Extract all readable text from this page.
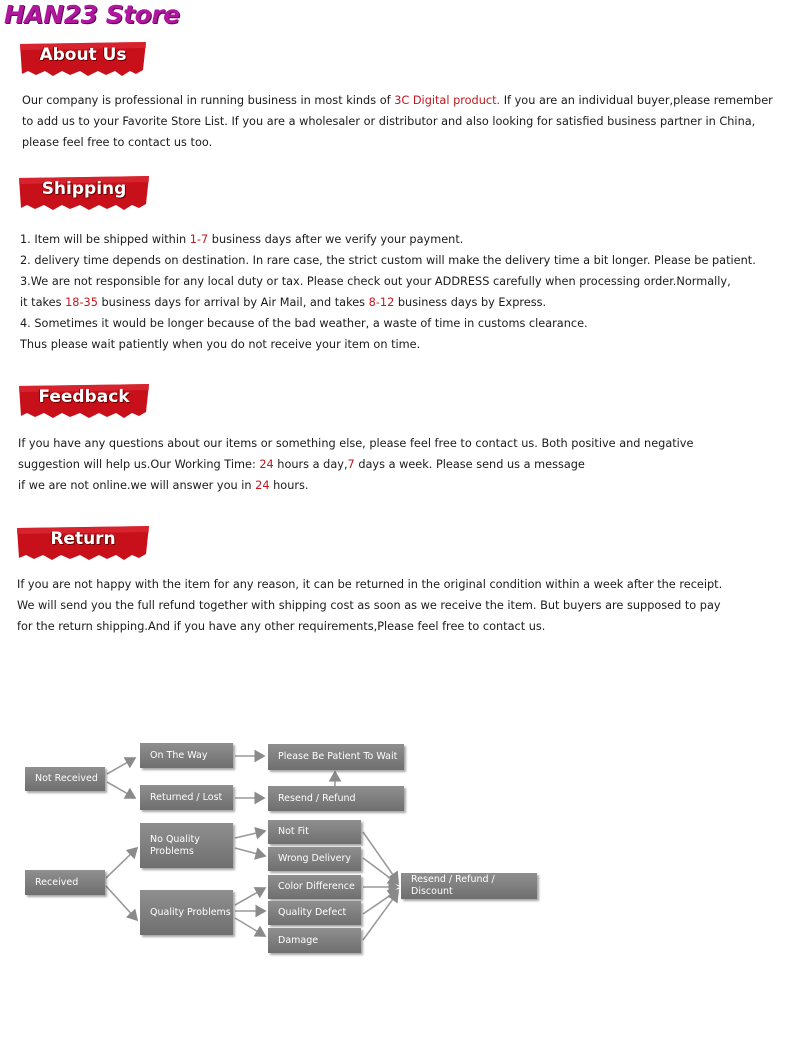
HAN23 Store
About Us
Our company is professional in running business in most kinds of 3C Digital product. If you are an individual buyer,please remember
to add us to your Favorite Store List. If you are a wholesaler or distributor and also looking for satisfied business partner in China,
please feel free to contact us too.
Shipping
1. Item will be shipped within 1-7 business days after we verify your payment.
2. delivery time depends on destination. In rare case, the strict custom will make the delivery time a bit longer. Please be patient.
3.We are not responsible for any local duty or tax. Please check out your ADDRESS carefully when processing order.Normally,
it takes 18-35 business days for arrival by Air Mail, and takes 8-12 business days by Express.
4. Sometimes it would be longer because of the bad weather, a waste of time in customs clearance.
Thus please wait patiently when you do not receive your item on time.
Feedback
If you have any questions about our items or something else, please feel free to contact us. Both positive and negative
suggestion will help us.Our Working Time: 24 hours a day,7 days a week. Please send us a message
if we are not online.we will answer you in 24 hours.
Return
If you are not happy with the item for any reason, it can be returned in the original condition within a week after the receipt.
We will send you the full refund together with shipping cost as soon as we receive the item. But buyers are supposed to pay
for the return shipping.And if you have any other requirements,Please feel free to contact us.
Not Received
On The Way
Returned / Lost
Please Be Patient To Wait
Resend / Refund
Received
No Quality Problems
Quality Problems
Not Fit
Wrong Delivery
Color Difference
Quality Defect
Damage
Resend / Refund / Discount
